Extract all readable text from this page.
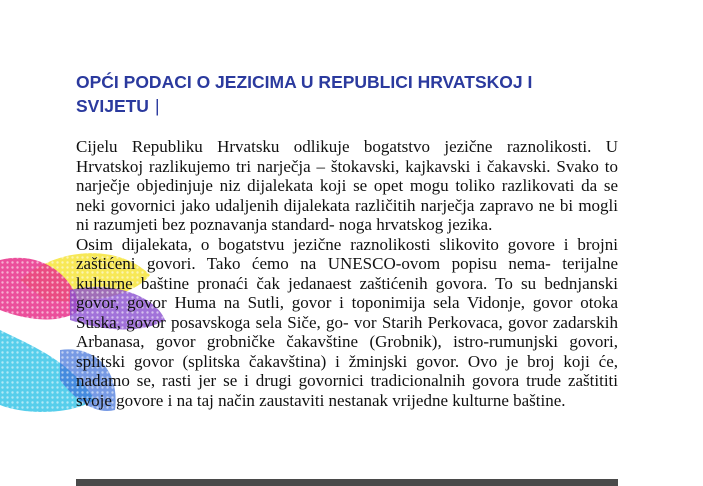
OPĆI PODACI O JEZICIMA U REPUBLICI HRVATSKOJ I
SVIJETU |

Cijelu Republiku Hrvatsku odlikuje bogatstvo jezične raznolikosti. U Hrvatskoj razlikujemo tri narječja – štokavski, kajkavski i čakavski. Svako to narječje objedinjuje niz dijalekata koji se opet mogu toliko razlikovati da se neki govornici jako udaljenih dijalekata različitih narječja zapravo ne bi mogli ni razumjeti bez poznavanja standard- noga hrvatskog jezika.

Osim dijalekata, o bogatstvu jezične raznolikosti slikovito govore i brojni zaštićeni govori. Tako ćemo na UNESCO-ovom popisu nema- terijalne kulturne baštine pronaći čak jedanaest zaštićenih govora. To su bednjanski govor, govor Huma na Sutli, govor i toponimija sela Vidonje, govor otoka Suska, govor posavskoga sela Siče, go- vor Starih Perkovaca, govor zadarskih Arbanasa, govor grobničke čakavštine (Grobnik), istro-rumunjski govori, splitski govor (splitska čakavština) i žminjski govor. Ovo je broj koji će, nadamo se, rasti jer se i drugi govornici tradicionalnih govora trude zaštititi svoje govore i na taj način zaustaviti nestanak vrijedne kulturne baštine.
